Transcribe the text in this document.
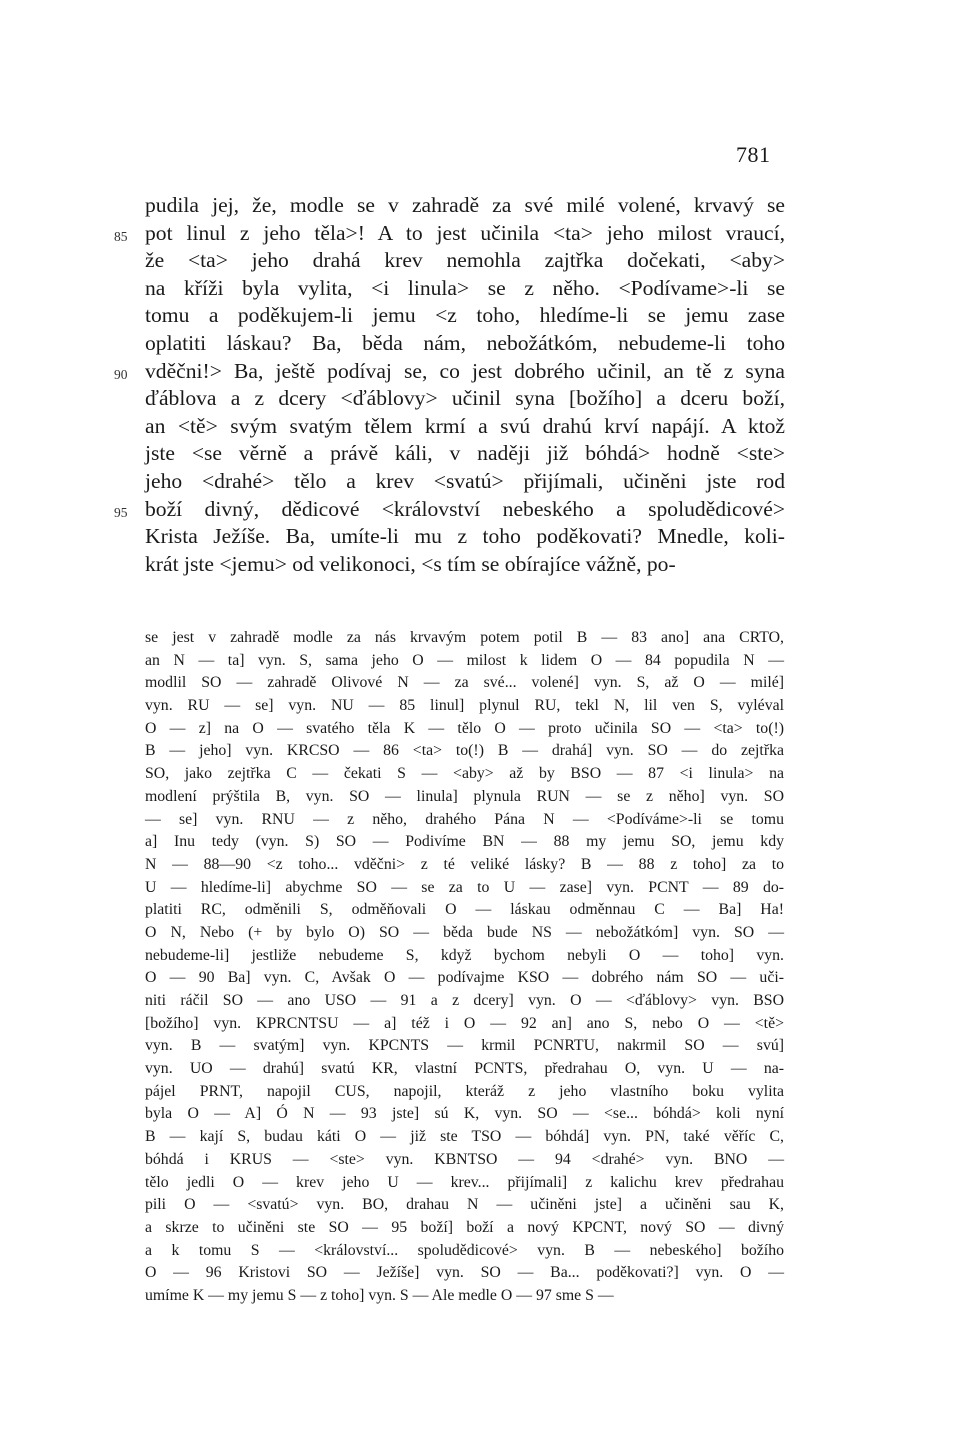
781
pudila jej, že, modle se v zahradě za své milé volené, krvavý se
85 pot linul z jeho těla>! A to jest učinila <ta> jeho milost vraucí,
že <ta> jeho drahá krev nemohla zajtřka dočekati, <aby>
na kříži byla vylita, <i linula> se z něho. <Podívame>-li se
tomu a poděkujem-li jemu <z toho, hledíme-li se jemu zase
oplatiti láskau? Ba, běda nám, nebožátkóm, nebudeme-li toho
90 vděčni!> Ba, ještě podívaj se, co jest dobrého učinil, an tě z syna
ďáblova a z dcery <ďáblovy> učinil syna [božího] a dceru boží,
an <tě> svým svatým tělem krmí a svú drahú krví napájí. A ktož
jste <se věrně a právě káli, v naději již bóhdá> hodně <ste>
jeho <drahé> tělo a krev <svatú> přijímali, učiněni jste rod
95 boží divný, dědicové <království nebeského a spoludědicové>
Krista Ježíše. Ba, umíte-li mu z toho poděkovati? Mnedle, koli-
krát jste <jemu> od velikonoci, <s tím se obírajíce vážně, po-
se jest v zahradě modle za nás krvavým potem potil B — 83 ano] ana CRTO,
an N — ta] vyn. S, sama jeho O — milost k lidem O — 84 popudila N —
modlil SO — zahradě Olivové N — za své... volené] vyn. S, až O — milé]
vyn. RU — se] vyn. NU — 85 linul] plynul RU, tekl N, lil ven S, vyléval
O — z] na O — svatého těla K — tělo O — proto učinila SO — <ta> to(!)
B — jeho] vyn. KRCSO — 86 <ta> to(!) B — drahá] vyn. SO — do zejtřka
SO, jako zejtřka C — čekati S — <aby> až by BSO — 87 <i linula> na
modlení prýštila B, vyn. SO — linula] plynula RUN — se z něho] vyn. SO
— se] vyn. RNU — z něho, drahého Pána N — <Podíváme>-li se tomu
a] Inu tedy (vyn. S) SO — Podivíme BN — 88 my jemu SO, jemu kdy
N — 88—90 <z toho... vděčni> z té veliké lásky? B — 88 z toho] za to
U — hledíme-li] abychme SO — se za to U — zase] vyn. PCNT — 89 do-
platiti RC, odměnili S, odměňovali O — láskau odměnnau C — Ba] Ha!
O N, Nebo (+ by bylo O) SO — běda bude NS — nebožátkóm] vyn. SO —
nebudeme-li] jestliže nebudeme S, když bychom nebyli O — toho] vyn.
O — 90 Ba] vyn. C, Avšak O — podívajme KSO — dobrého nám SO — uči-
niti ráčil SO — ano USO — 91 a z dcery] vyn. O — <ďáblovy> vyn. BSO
[božího] vyn. KPRCNTSU — a] též i O — 92 an] ano S, nebo O — <tě>
vyn. B — svatým] vyn. KPCNTS — krmil PCNRTU, nakrmil SO — svú]
vyn. UO — drahú] svatú KR, vlastní PCNTS, předrahau O, vyn. U — na-
pájel PRNT, napojil CUS, napojil, kteráž z jeho vlastního boku vylita
byla O — A] Ó N — 93 jste] sú K, vyn. SO — <se... bóhdá> koli nyní
B — kají S, budau káti O — již ste TSO — bóhdá] vyn. PN, také věříc C,
bóhdá i KRUS — <ste> vyn. KBNTSO — 94 <drahé> vyn. BNO —
tělo jedli O — krev jeho U — krev... přijímali] z kalichu krev předrahau
pili O — <svatú> vyn. BO, drahau N — učiněni jste] a učiněni sau K,
a skrze to učiněni ste SO — 95 boží] boží a nový KPCNT, nový SO — divný
a k tomu S — <království... spoludědicové> vyn. B — nebeského] božího
O — 96 Kristovi SO — Ježíše] vyn. SO — Ba... poděkovati?] vyn. O —
umíme K — my jemu S — z toho] vyn. S — Ale medle O — 97 sme S —
